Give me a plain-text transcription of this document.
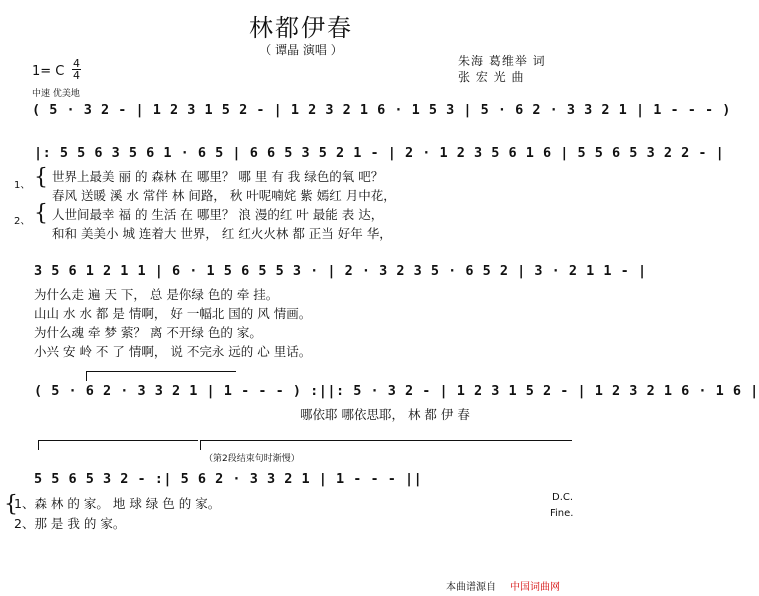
林都伊春
（ 谭晶 演唱 ）
朱海 葛维举 词
张 宏 光 曲
1= C
4
4
中速 优美地
( 5 · 3 2 - | 1 2 3 1 5 2 - | 1 2 3 2 1 6 · 1 5 3 | 5 · 6 2 · 3 3 2 1 | 1 - - - )
|: 5 5 6 3 5 6 1 · 6 5 | 6 6 5 3 5 2 1 - | 2 · 1 2 3 5 6 1 6 | 5 5 6 5 3 2 2 - |
1、
2、
{
{
世界上最美 丽 的 森林 在 哪里？ 哪 里 有 我 绿色的氧 吧？
春风 送暖 溪 水 常伴 林 间路， 秋 叶呢喃姹 紫 嫣红 月中花，
人世间最幸 福 的 生活 在 哪里？ 浪 漫的红 叶 最能 表 达，
和和 美美小 城 连着大 世界， 红 红火火林 都 正当 好年 华，
3 5 6 1 2 1 1 | 6 · 1 5 6 5 5 3 · | 2 · 3 2 3 5 · 6 5 2 | 3 · 2 1 1 - |
为什么走 遍 天 下， 总 是你绿 色的 牵 挂。
山山 水 水 都 是 情啊， 好 一幅北 国的 风 情画。
为什么魂 牵 梦 萦？ 离 不开绿 色的 家。
小兴 安 岭 不 了 情啊， 说 不完永 远的 心 里话。
( 5 · 6 2 · 3 3 2 1 | 1 - - - ) :||: 5 · 3 2 - | 1 2 3 1 5 2 - | 1 2 3 2 1 6 · 1 6 |
哪依耶 哪依思耶， 林 都 伊 春
（第2段结束句时渐慢）
5 5 6 5 3 2 - :| 5 6 2 · 3 3 2 1 | 1 - - - ||
{
1、森 林 的 家。 地 球 绿 色 的 家。
2、那 是 我 的 家。
D.C.
Fine.
本曲谱源自 中国词曲网
